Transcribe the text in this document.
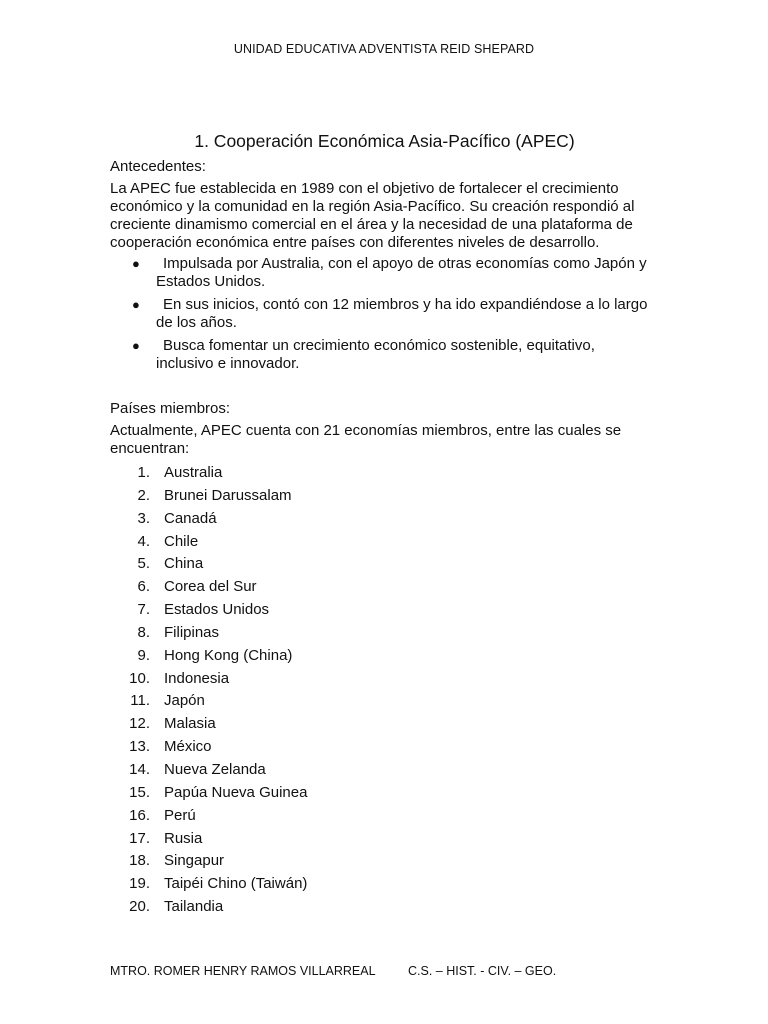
UNIDAD EDUCATIVA ADVENTISTA REID SHEPARD
1. Cooperación Económica Asia-Pacífico (APEC)

Antecedentes:

La APEC fue establecida en 1989 con el objetivo de fortalecer el crecimiento económico y la comunidad en la región Asia-Pacífico. Su creación respondió al creciente dinamismo comercial en el área y la necesidad de una plataforma de cooperación económica entre países con diferentes niveles de desarrollo.

● Impulsada por Australia, con el apoyo de otras economías como Japón y Estados Unidos.
● En sus inicios, contó con 12 miembros y ha ido expandiéndose a lo largo de los años.
● Busca fomentar un crecimiento económico sostenible, equitativo, inclusivo e innovador.

Países miembros:

Actualmente, APEC cuenta con 21 economías miembros, entre las cuales se encuentran:

1. Australia
2. Brunei Darussalam
3. Canadá
4. Chile
5. China
6. Corea del Sur
7. Estados Unidos
8. Filipinas
9. Hong Kong (China)
10. Indonesia
11. Japón
12. Malasia
13. México
14. Nueva Zelanda
15. Papúa Nueva Guinea
16. Perú
17. Rusia
18. Singapur
19. Taipéi Chino (Taiwán)
20. Tailandia
MTRO. ROMER HENRY RAMOS VILLARREAL	C.S. – HIST. - CIV. – GEO.
